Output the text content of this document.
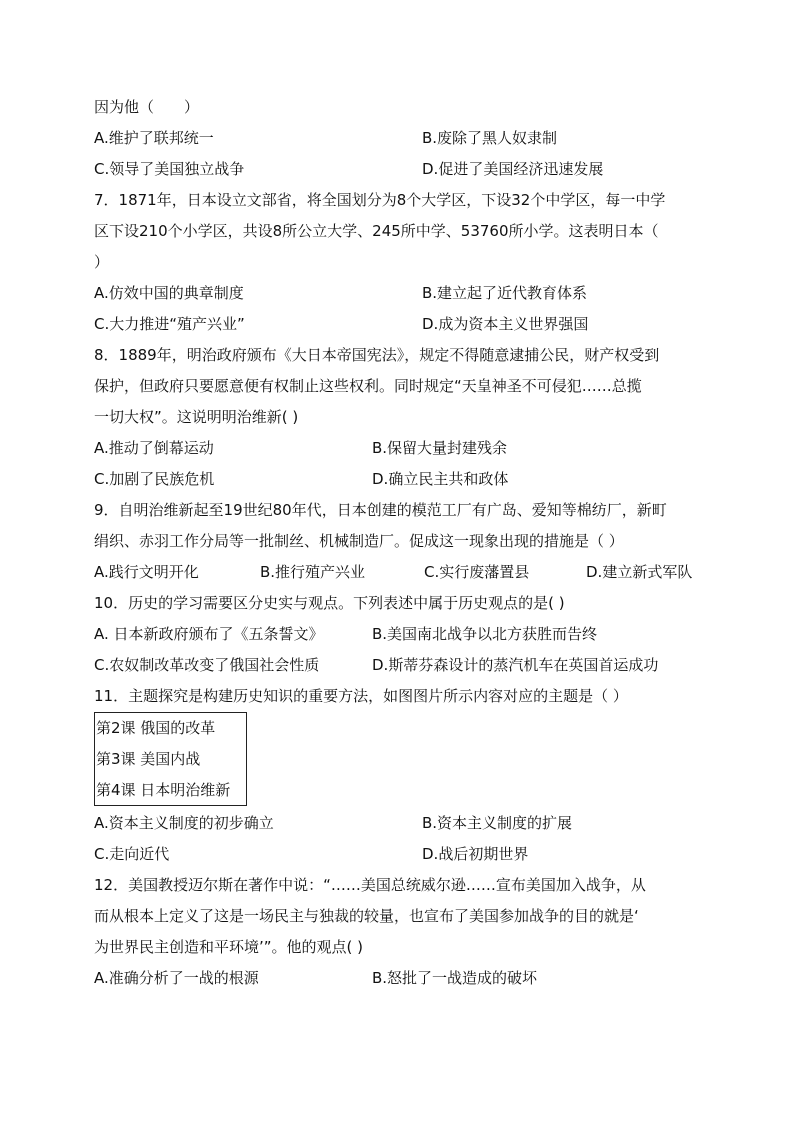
因为他（　　）
A.维护了联邦统一	B.废除了黑人奴隶制
C.领导了美国独立战争	D.促进了美国经济迅速发展
7．1871年，日本设立文部省，将全国划分为8个大学区，下设32个中学区，每一中学
区下设210个小学区，共设8所公立大学、245所中学、53760所小学。这表明日本（
）
A.仿效中国的典章制度	B.建立起了近代教育体系
C.大力推进“殖产兴业”	D.成为资本主义世界强国
8．1889年，明治政府颁布《大日本帝国宪法》，规定不得随意逮捕公民，财产权受到
保护，但政府只要愿意便有权制止这些权利。同时规定“天皇神圣不可侵犯……总揽
一切大权”。这说明明治维新( )
A.推动了倒幕运动	B.保留大量封建残余
C.加剧了民族危机	D.确立民主共和政体
9．自明治维新起至19世纪80年代，日本创建的模范工厂有广岛、爱知等棉纺厂，新町
绢织、赤羽工作分局等一批制丝、机械制造厂。促成这一现象出现的措施是（ ）
A.践行文明开化	B.推行殖产兴业	C.实行废藩置县	D.建立新式军队
10．历史的学习需要区分史实与观点。下列表述中属于历史观点的是( )
A. 日本新政府颁布了《五条誓文》	B.美国南北战争以北方获胜而告终
C.农奴制改革改变了俄国社会性质	D.斯蒂芬森设计的蒸汽机车在英国首运成功
11．主题探究是构建历史知识的重要方法，如图图片所示内容对应的主题是（ ）
第2课 俄国的改革
第3课 美国内战
第4课 日本明治维新
A.资本主义制度的初步确立	B.资本主义制度的扩展
C.走向近代	D.战后初期世界
12．美国教授迈尔斯在著作中说：“……美国总统威尔逊……宣布美国加入战争，从
而从根本上定义了这是一场民主与独裁的较量，也宣布了美国参加战争的目的就是‘
为世界民主创造和平环境’”。他的观点( )
A.准确分析了一战的根源	B.怒批了一战造成的破坏
